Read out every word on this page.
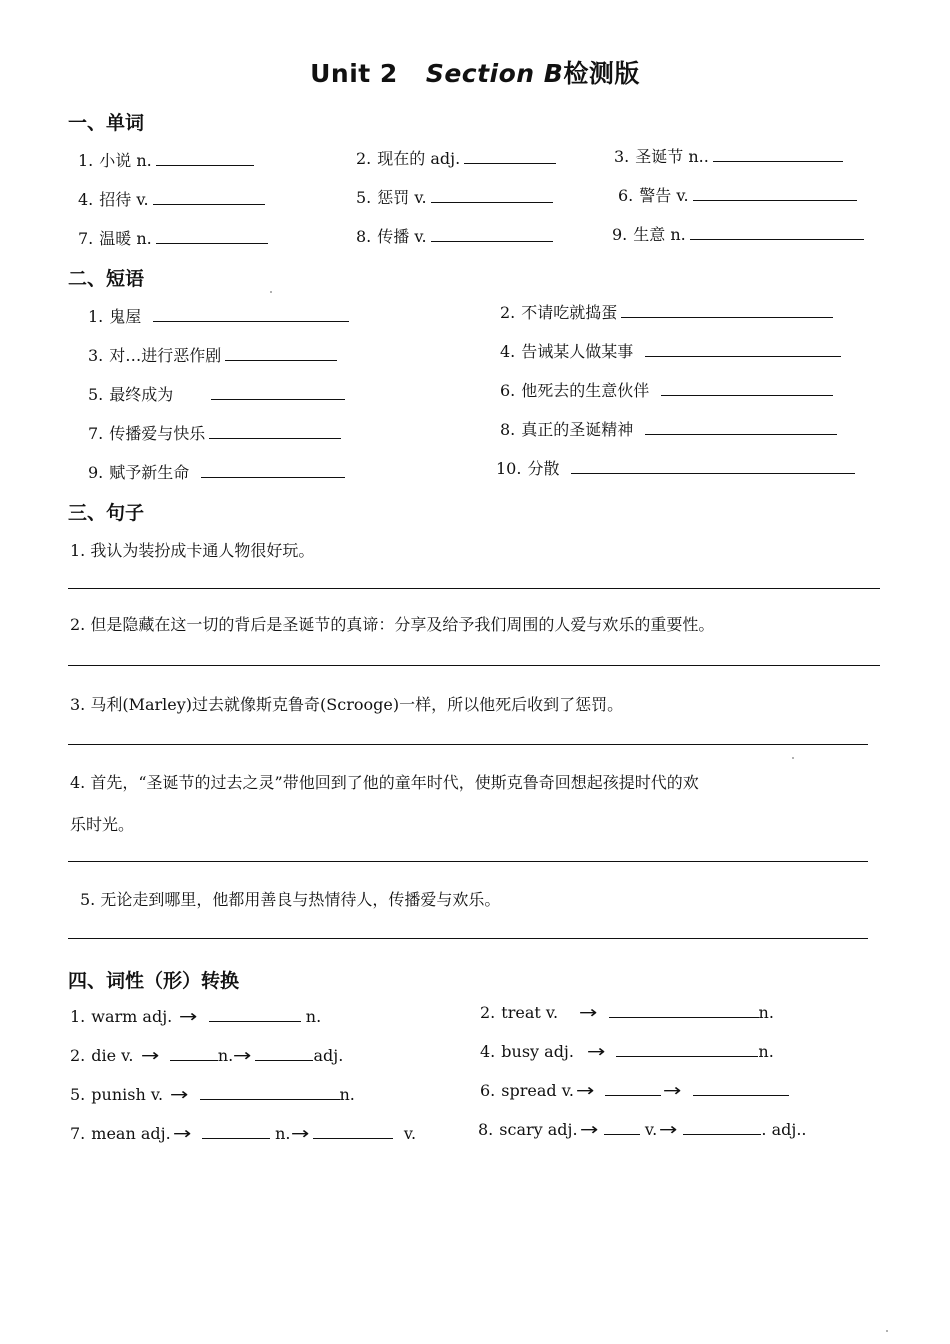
Unit 2 Section B检测版
一、单词
1. 小说 n.	2. 现在的 adj.	3. 圣诞节 n..
4. 招待 v.	5. 惩罚 v.	6. 警告 v.
7. 温暖 n.	8. 传播 v.	9. 生意 n.
二、短语
1. 鬼屋	2. 不请吃就捣蛋
3. 对…进行恶作剧	4. 告诫某人做某事
5. 最终成为	6. 他死去的生意伙伴
7. 传播爱与快乐	8. 真正的圣诞精神
9. 赋予新生命	10. 分散
三、句子
1. 我认为装扮成卡通人物很好玩。
2. 但是隐藏在这一切的背后是圣诞节的真谛：分享及给予我们周围的人爱与欢乐的重要性。
3. 马利(Marley)过去就像斯克鲁奇(Scrooge)一样，所以他死后收到了惩罚。
4. 首先，“圣诞节的过去之灵”带他回到了他的童年时代，使斯克鲁奇回想起孩提时代的欢
乐时光。
5. 无论走到哪里，他都用善良与热情待人，传播爱与欢乐。
四、词性（形）转换
1. warm adj. →	n.	2. treat v. →	n.
2. die v. →	n.→	adj.	4. busy adj. →	n.
5. punish v. →	n.	6. spread v. →	→
7. mean adj. →	n.→	v.	8. scary adj. →	v. →	. adj..
